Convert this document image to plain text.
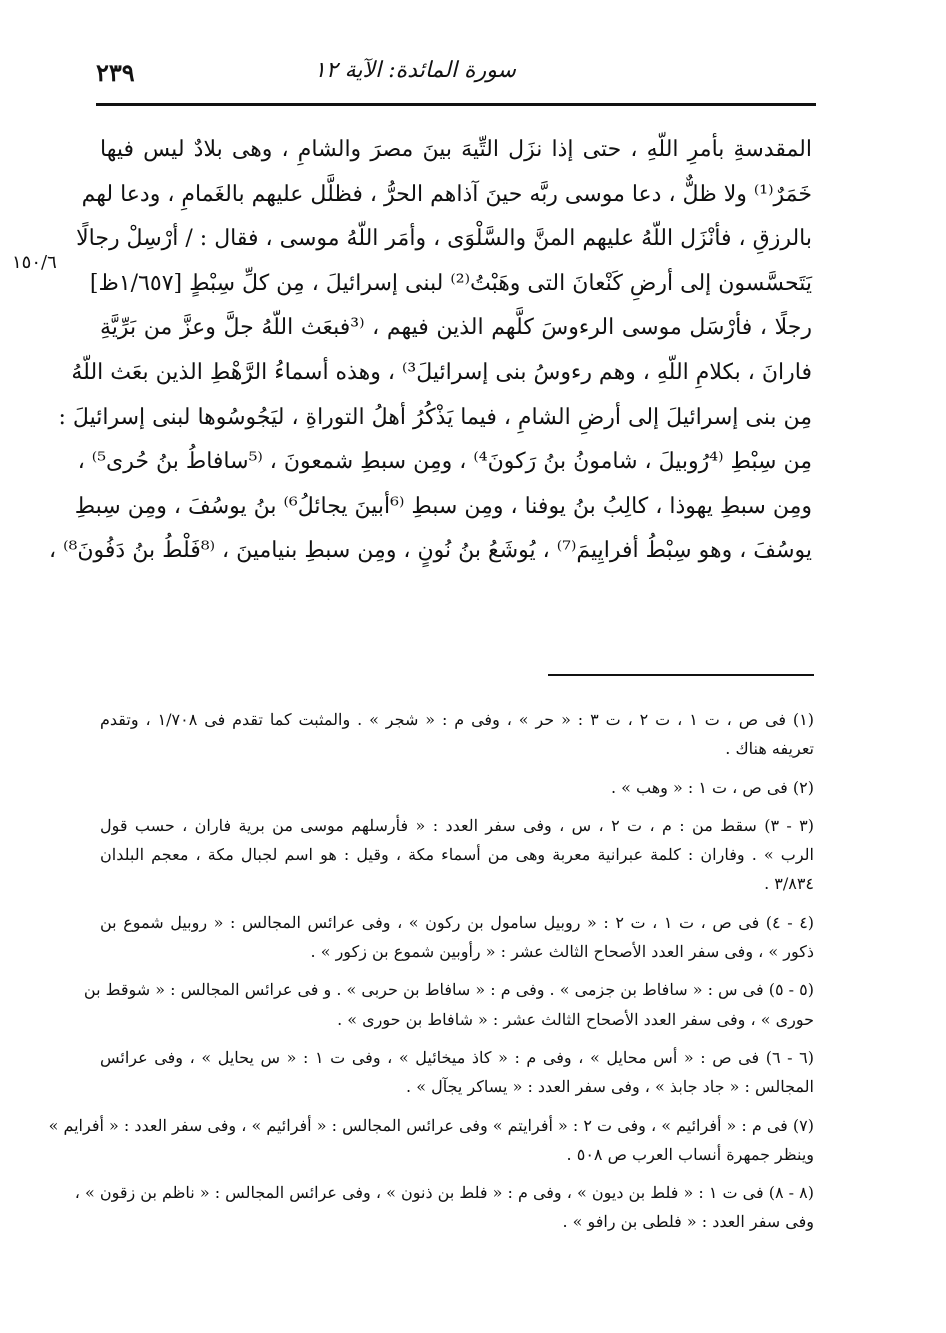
سورة المائدة: الآية ١٢
٢٣٩
١٥٠/٦
المقدسةِ بأمرِ اللّهِ ، حتى إذا نزَل التِّيهَ بينَ مصرَ والشامِ ، وهى بلادٌ ليس فيها
خَمَرٌ⁽¹⁾ ولا ظلٌّ ، دعا موسى ربَّه حينَ آذاهم الحرُّ ، فظلَّل عليهم بالغَمامِ ، ودعا لهم
بالرزقِ ، فأنْزَل اللّهُ عليهم المنَّ والسَّلْوَى ، وأمَر اللّهُ موسى ، فقال : / أرْسِلْ رجالًا
يَتَحسَّسون إلى أرضِ كَنْعانَ التى وهَبْتُ⁽²⁾ لبنى إسرائيلَ ، مِن كلِّ سِبْطٍ [١/٦٥٧ظ]
رجلًا ، فأرْسَل موسى الرءوسَ كلَّهم الذين فيهم ، ⁽³فبعَث اللّهُ جلَّ وعزَّ من بَرِّيَّةِ
فارانَ ، بكلامِ اللّهِ ، وهم رءوسُ بنى إسرائيلَ³⁾ ، وهذه أسماءُ الرَّهْطِ الذين بعَث اللّهُ
مِن بنى إسرائيلَ إلى أرضِ الشامِ ، فيما يَذْكُرُ أهلُ التوراةِ ، ليَجُوسُوها لبنى إسرائيلَ :
مِن سِبْطِ ⁽⁴رُوبيلَ ، شامونُ بنُ رَكونَ⁴⁾ ، ومِن سبطِ شمعونَ ، ⁽⁵سافاطُ بنُ حُرى⁵⁾ ،
ومِن سبطِ يهوذا ، كالِبُ بنُ يوفنا ، ومِن سبطِ ⁽⁶أبينَ يجائلُ⁶⁾ بنُ يوسُفَ ، ومِن سِبطِ
يوسُفَ ، وهو سِبْطُ أفرايِيمَ⁽⁷⁾ ، يُوشَعُ بنُ نُونٍ ، ومِن سبطِ بنيامينَ ، ⁽⁸فَلْطُ بنُ دَفُونَ⁸⁾ ،
(١) فى ص ، ت ١ ، ت ٢ ، ت ٣ : « حر » ، وفى م : « شجر » . والمثبت كما تقدم فى ١/٧٠٨ ، وتقدم
تعريفه هناك .
(٢) فى ص ، ت ١ : « وهب » .
(٣ - ٣) سقط من : م ، ت ٢ ، س ، وفى سفر العدد : « فأرسلهم موسى من برية فاران ، حسب قول
الرب » . وفاران : كلمة عبرانية معربة وهى من أسماء مكة ، وقيل : هو اسم لجبال مكة ، معجم البلدان
٣/٨٣٤ .
(٤ - ٤) فى ص ، ت ١ ، ت ٢ : « روبيل سامول بن ركون » ، وفى عرائس المجالس : « روبيل شموع بن
ذكور » ، وفى سفر العدد الأصحاح الثالث عشر : « رأوبين شموع بن زكور » .
(٥ - ٥) فى س : « سافاط بن جزمى » . وفى م : « سافاط بن حربى » . و فى عرائس المجالس : « شوقط بن
حورى » ، وفى سفر العدد الأصحاح الثالث عشر : « شافاط بن حورى » .
(٦ - ٦) فى ص : « أس محايل » ، وفى م : « كاذ ميخائيل » ، وفى ت ١ : « س يحايل » ، وفى عرائس
المجالس : « جاد جابذ » ، وفى سفر العدد : « يساكر يجآل » .
(٧) فى م : « أفرائيم » ، وفى ت ٢ : « أفرايتم » وفى عرائس المجالس : « أفرائيم » ، وفى سفر العدد : « أفرايم »
وينظر جمهرة أنساب العرب ص ٥٠٨ .
(٨ - ٨) فى ت ١ : « فلط بن ديون » ، وفى م : « فلط بن ذنون » ، وفى عرائس المجالس : « ناظم بن زقون » ،
وفى سفر العدد : « فلطى بن رافو » .
